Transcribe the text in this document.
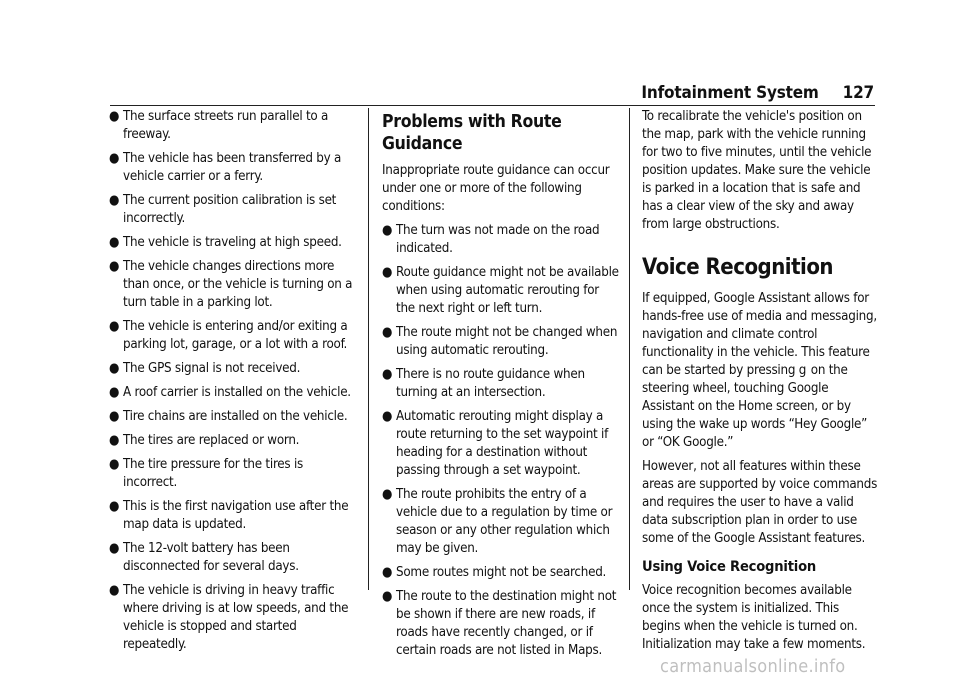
Infotainment System 127
● The surface streets run parallel to a freeway.
● The vehicle has been transferred by a vehicle carrier or a ferry.
● The current position calibration is set incorrectly.
● The vehicle is traveling at high speed.
● The vehicle changes directions more than once, or the vehicle is turning on a turn table in a parking lot.
● The vehicle is entering and/or exiting a parking lot, garage, or a lot with a roof.
● The GPS signal is not received.
● A roof carrier is installed on the vehicle.
● Tire chains are installed on the vehicle.
● The tires are replaced or worn.
● The tire pressure for the tires is incorrect.
● This is the first navigation use after the map data is updated.
● The 12-volt battery has been disconnected for several days.
● The vehicle is driving in heavy traffic where driving is at low speeds, and the vehicle is stopped and started repeatedly.
Problems with Route Guidance

Inappropriate route guidance can occur under one or more of the following conditions:

● The turn was not made on the road indicated.
● Route guidance might not be available when using automatic rerouting for the next right or left turn.
● The route might not be changed when using automatic rerouting.
● There is no route guidance when turning at an intersection.
● Automatic rerouting might display a route returning to the set waypoint if heading for a destination without passing through a set waypoint.
● The route prohibits the entry of a vehicle due to a regulation by time or season or any other regulation which may be given.
● Some routes might not be searched.
● The route to the destination might not be shown if there are new roads, if roads have recently changed, or if certain roads are not listed in Maps.

To recalibrate the vehicle's position on the map, park with the vehicle running for two to five minutes, until the vehicle position updates. Make sure the vehicle is parked in a location that is safe and has a clear view of the sky and away from large obstructions.

Voice Recognition

If equipped, Google Assistant allows for hands-free use of media and messaging, navigation and climate control functionality in the vehicle. This feature can be started by pressing g on the steering wheel, touching Google Assistant on the Home screen, or by using the wake up words “Hey Google” or “OK Google.”

However, not all features within these areas are supported by voice commands and requires the user to have a valid data subscription plan in order to use some of the Google Assistant features.

Using Voice Recognition

Voice recognition becomes available once the system is initialized. This begins when the vehicle is turned on. Initialization may take a few moments.

carmanualsonline.info
